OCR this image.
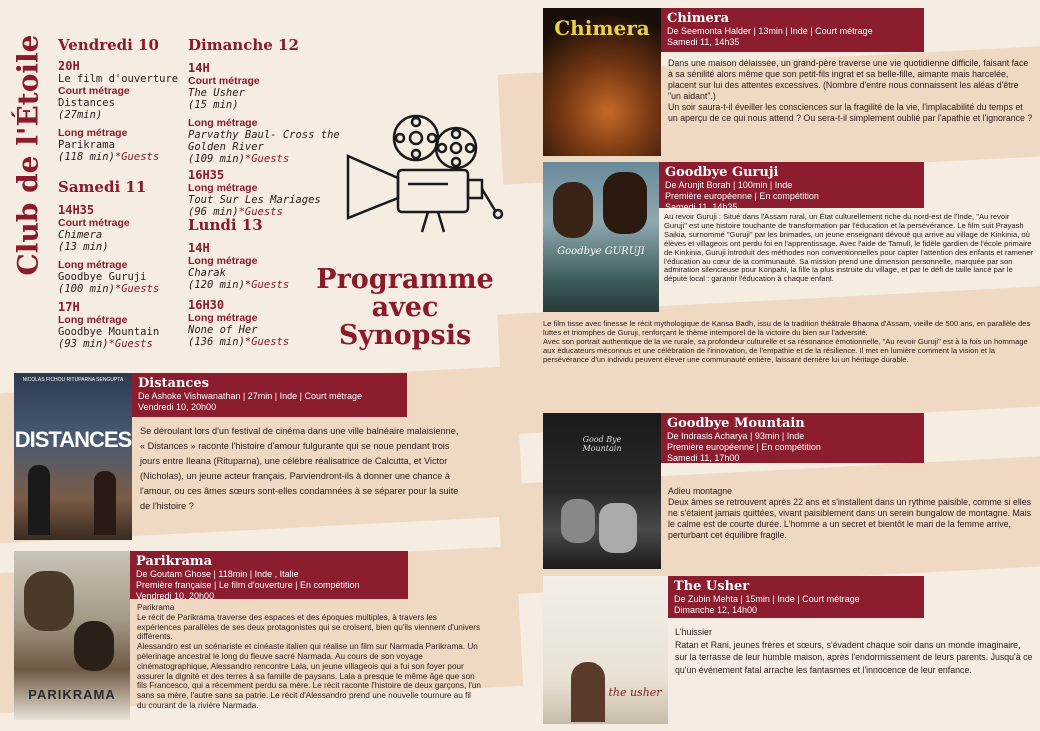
Club de l'Étoile Vendredi 10
20H
Le film d'ouverture
Court métrage
Distances
(27min)
Long métrage
Parikrama
(118 min)*Guests
Samedi 11
14H35
Court métrage
Chimera
(13 min)
Long métrage
Goodbye Guruji
(100 min)*Guests
17H
Long métrage
Goodbye Mountain
(93 min)*Guests
Dimanche 12
14H
Court métrage
The Usher
(15 min)
Long métrage
Parvathy Baul- Cross the
Golden River
(109 min)*Guests
16H35
Long métrage
Tout Sur Les Mariages
(96 min)*Guests
Lundi 13
14H
Long métrage
Charak
(120 min)*Guests
16H30
Long métrage
None of Her
(136 min)*Guests
Programme
avec
Synopsis
NICOLAS FICHOU RITUPARNA SENGUPTA
DISTANCES
Distances
De Ashoke Vishwanathan | 27min | Inde | Court métrage
Vendredi 10, 20h00

Se déroulant lors d'un festival de cinéma dans une ville balnéaire malaisienne, « Distances » raconte l'histoire d'amour fulgurante qui se noue pendant trois jours entre Ileana (Rituparna), une célèbre réalisatrice de Calcutta, et Victor (Nicholas), un jeune acteur français. Parviendront-ils à donner une chance à l'amour, ou ces âmes sœurs sont-elles condamnées à se séparer pour la suite de l'histoire ?

PARIKRAMA
Parikrama
De Goutam Ghose | 118min | Inde , Italie
Première française | Le film d'ouverture | En compétition
Vendredi 10, 20h00

Parikrama

Le récit de Parikrama traverse des espaces et des époques multiples, à travers les expériences parallèles de ses deux protagonistes qui se croisent, bien qu'ils viennent d'univers différents.

Alessandro est un scénariste et cinéaste italien qui réalise un film sur Narmada Parikrama. Un pèlerinage ancestral le long du fleuve sacré Narmada. Au cours de son voyage cinématographique, Alessandro rencontre Lala, un jeune villageois qui a fui son foyer pour assurer la dignité et des terres à sa famille de paysans. Lala a presque le même âge que son fils Francesco, qui a récemment perdu sa mère. Le récit raconte l'histoire de deux garçons, l'un sans sa mère, l'autre sans sa patrie. Le récit d'Alessandro prend une nouvelle tournure au fil du courant de la rivière Narmada.

Chimera	Chimera
De Seemonta Halder | 13min | Inde | Court métrage
Samedi 11, 14h35

Dans une maison délaissée, un grand-père traverse une vie quotidienne difficile, faisant face à sa sénilité alors même que son petit-fils ingrat et sa belle-fille, aimante mais harcelée, placent sur lui des attentes excessives. (Nombre d'entre nous connaissent les aléas d'être "un aidant".)

Un soir saura-t-il éveiller les consciences sur la fragilité de la vie, l'implacabilité du temps et un aperçu de ce qui nous attend ? Ou sera-t-il simplement oublié par l'apathie et l'ignorance ?

Goodbye GURUJI
Goodbye Guruji
De Arunjit Borah | 100min | Inde
Première européenne | En compétition
Samedi 11, 14h35

Au revoir Guruji : Situé dans l'Assam rural, un État culturellement riche du nord-est de l'Inde, "Au revoir Guruji" est une histoire touchante de transformation par l'éducation et la persévérance. Le film suit Prayash Saikia, surnommé "Guruji" par les brimades, un jeune enseignant dévoué qui arrive au village de Kinkinia, où élèves et villageois ont perdu foi en l'apprentissage. Avec l'aide de Tamuli, le fidèle gardien de l'école primaire de Kinkinia, Guruji introduit des méthodes non conventionnelles pour capter l'attention des enfants et ramener l'éducation au cœur de la communauté. Sa mission prend une dimension personnelle, marquée par son admiration silencieuse pour Konpahi, la fille la plus instruite du village, et par le défi de taille lancé par le député local : garantir l'éducation à chaque enfant.

Le film tisse avec finesse le récit mythologique de Kansa Badh, issu de la tradition théâtrale Bhaona d'Assam, vieille de 500 ans, en parallèle des luttes et triomphes de Guruji, renforçant le thème intemporel de la victoire du bien sur l'adversité.

Avec son portrait authentique de la vie rurale, sa profondeur culturelle et sa résonance émotionnelle, "Au revoir Guruji" est à la fois un hommage aux éducateurs méconnus et une célébration de l'innovation, de l'empathie et de la résilience. Il met en lumière comment la vision et la persévérance d'un individu peuvent élever une communauté entière, laissant derrière lui un héritage durable.

Good Bye Mountain
Goodbye Mountain
De Indrasis Acharya | 93min | Inde
Première européenne | En compétition
Samedi 11, 17h00

Adieu montagne

Deux âmes se retrouvent après 22 ans et s'installent dans un rythme paisible, comme si elles ne s'étaient jamais quittées, vivant paisiblement dans un serein bungalow de montagne. Mais le calme est de courte durée. L'homme a un secret et bientôt le mari de la femme arrive, perturbant cet équilibre fragile.

the usher
The Usher
De Zubin Mehta | 15min | Inde | Court métrage
Dimanche 12, 14h00

L'huissier

Ratan et Rani, jeunes frères et sœurs, s'évadent chaque soir dans un monde imaginaire, sur la terrasse de leur humble maison, après l'endormissement de leurs parents. Jusqu'à ce qu'un événement fatal arrache les fantasmes et l'innocence de leur enfance.
